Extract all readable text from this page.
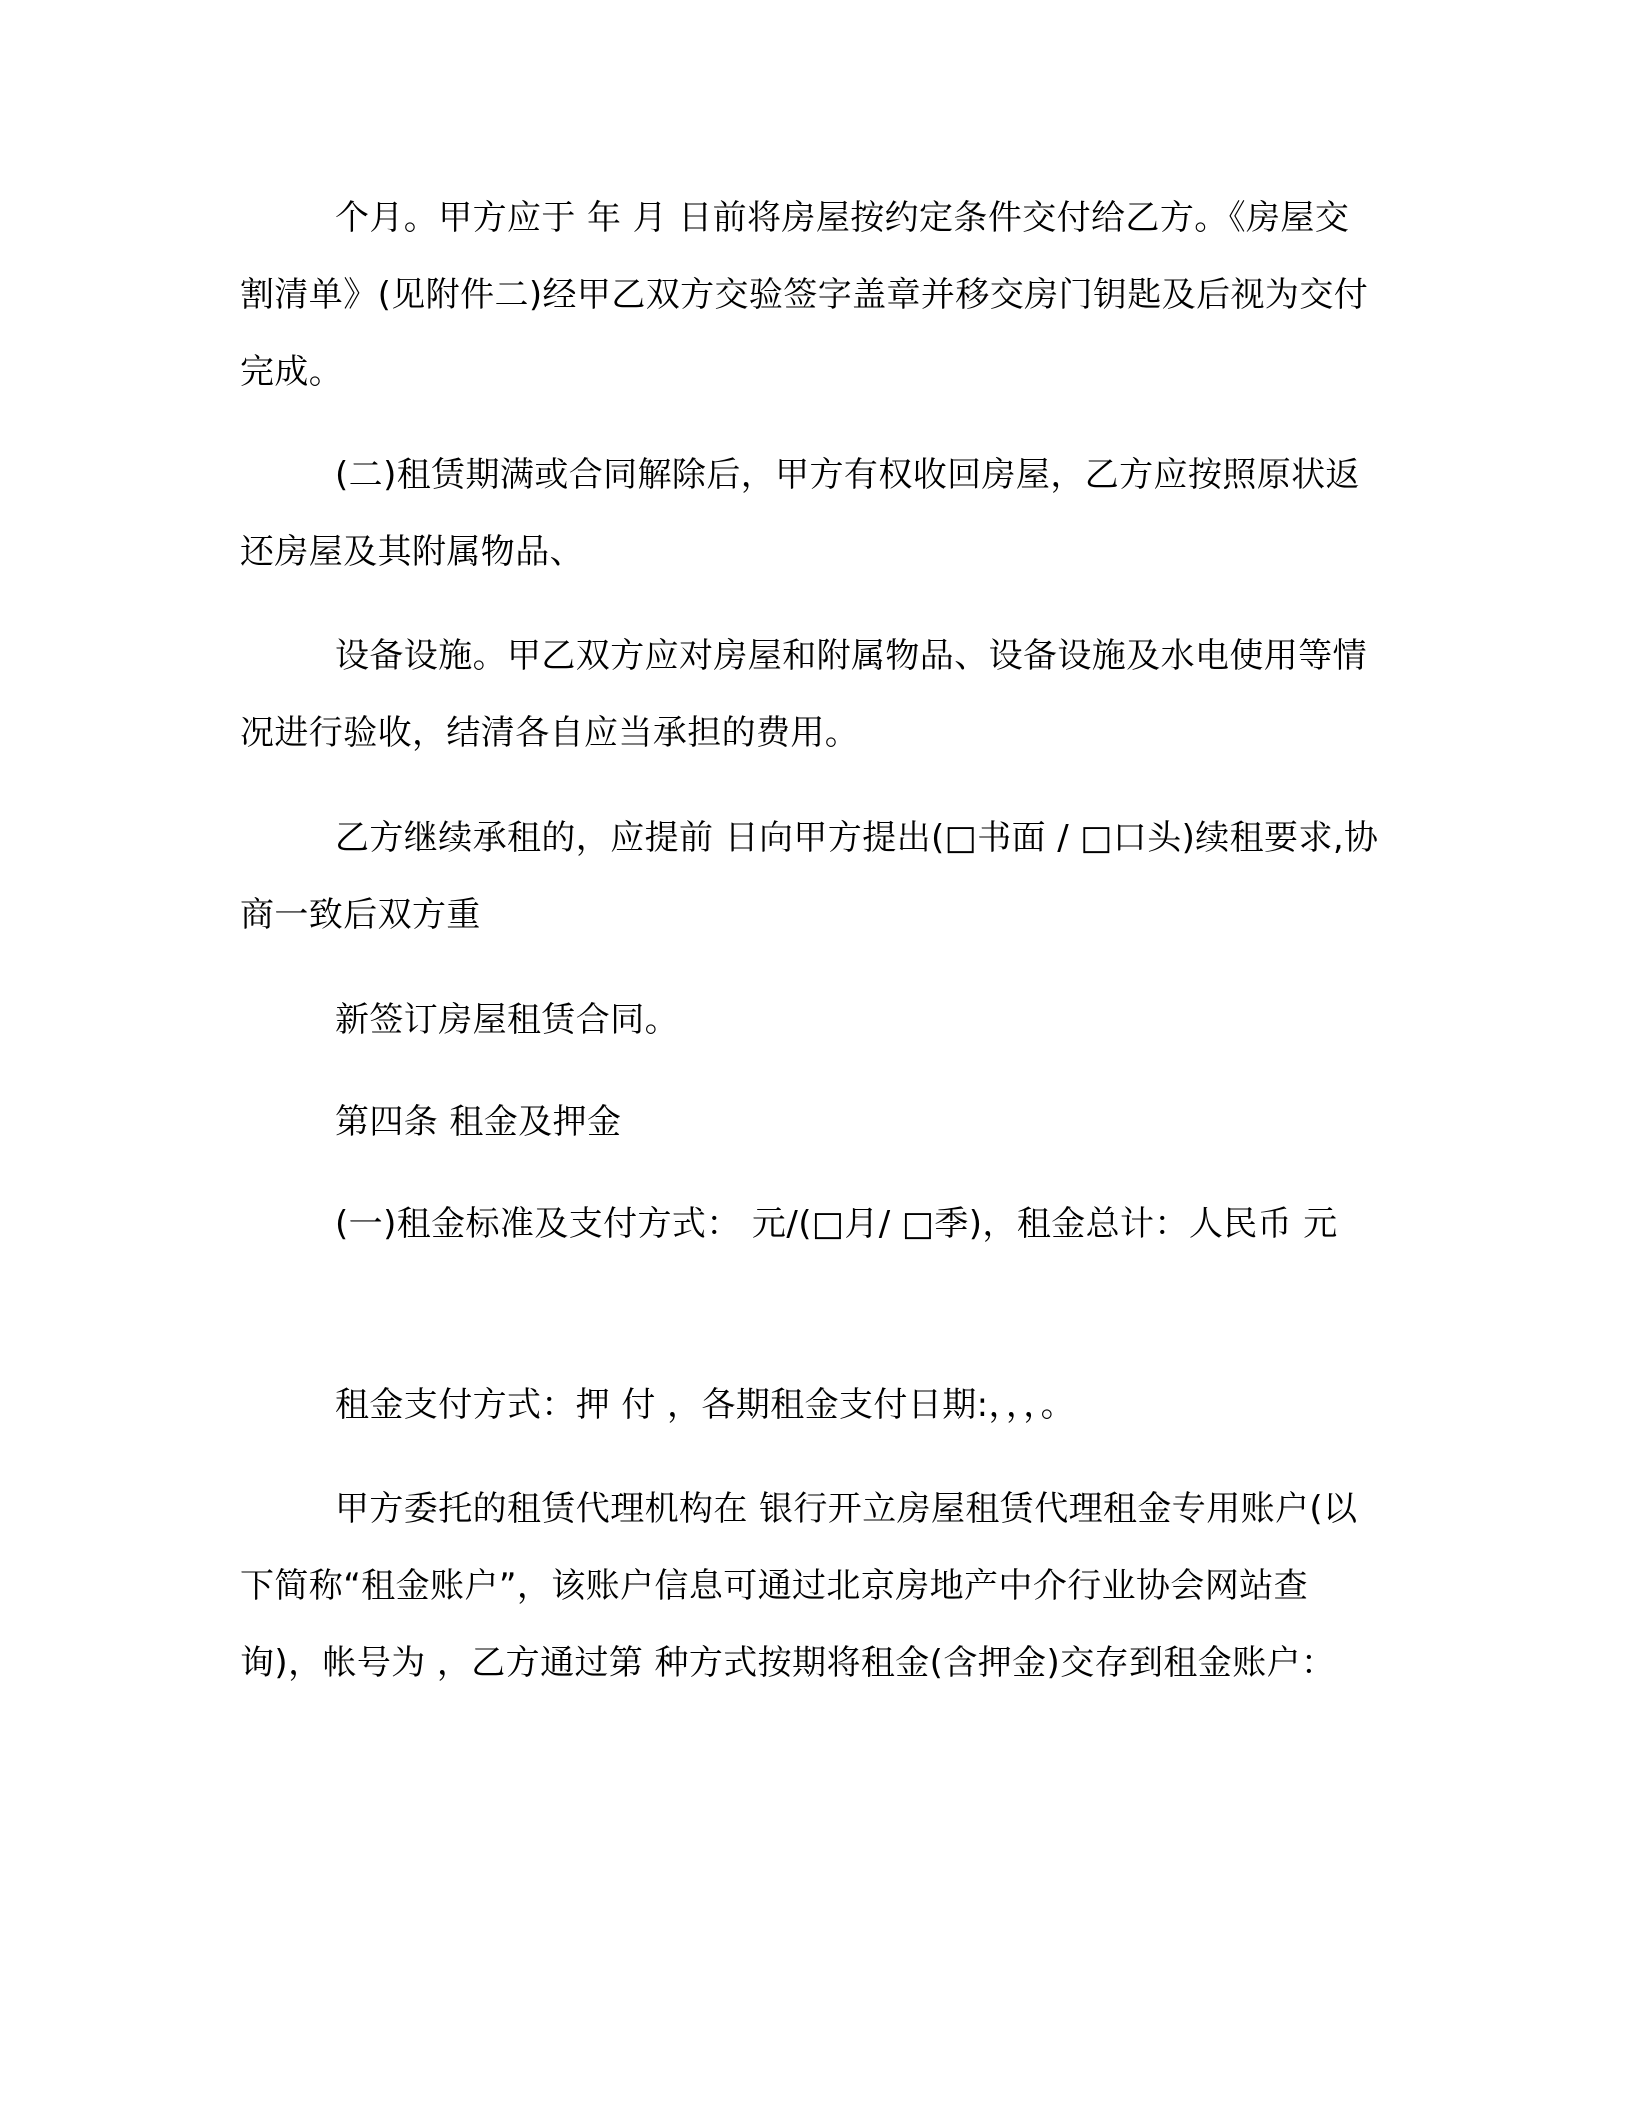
个月。甲方应于 年 月 日前将房屋按约定条件交付给乙方。《房屋交割清单》(见附件二)经甲乙双方交验签字盖章并移交房门钥匙及后视为交付完成。

(二)租赁期满或合同解除后，甲方有权收回房屋，乙方应按照原状返还房屋及其附属物品、

设备设施。甲乙双方应对房屋和附属物品、设备设施及水电使用等情况进行验收，结清各自应当承担的费用。

乙方继续承租的，应提前 日向甲方提出(□书面 / □口头)续租要求,协商一致后双方重

新签订房屋租赁合同。

第四条 租金及押金

(一)租金标准及支付方式： 元/(□月/ □季)，租金总计：人民币 元

租金支付方式：押 付 ，各期租金支付日期:，，，。

甲方委托的租赁代理机构在 银行开立房屋租赁代理租金专用账户(以下简称“租金账户”，该账户信息可通过北京房地产中介行业协会网站查询)，帐号为 ，乙方通过第 种方式按期将租金(含押金)交存到租金账户：
